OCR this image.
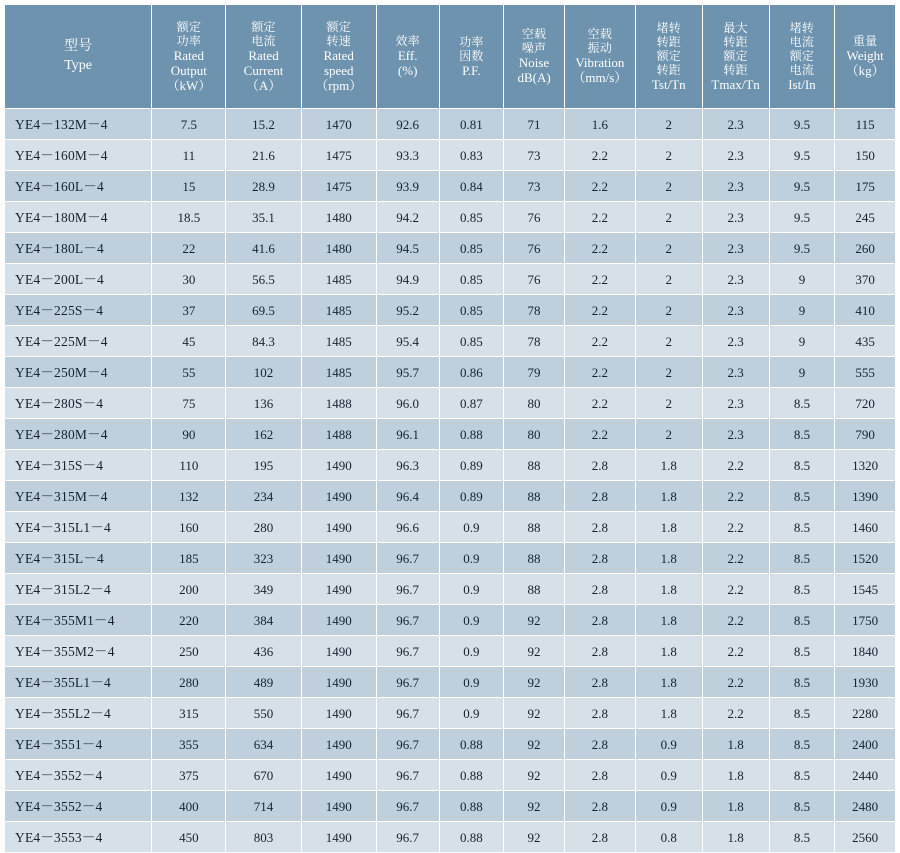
型号
Type	额定
功率
Rated
Output
（kW）	额定
电流
Rated
Current
（A）	额定
转速
Rated
speed
（rpm）	效率
Eff.
(%)	功率
因数
P.F.	空载
噪声
Noise
dB(A)	空载
振动
Vibration
（mm/s）	堵转
转距
额定
转距
Tst/Tn	最大
转距
额定
转距
Tmax/Tn	堵转
电流
额定
电流
Ist/In	重量
Weight
（kg）

YE4－132M－4	7.5	15.2	1470	92.6	0.81	71	1.6	2	2.3	9.5	115
YE4－160M－4	11	21.6	1475	93.3	0.83	73	2.2	2	2.3	9.5	150
YE4－160L－4	15	28.9	1475	93.9	0.84	73	2.2	2	2.3	9.5	175
YE4－180M－4	18.5	35.1	1480	94.2	0.85	76	2.2	2	2.3	9.5	245
YE4－180L－4	22	41.6	1480	94.5	0.85	76	2.2	2	2.3	9.5	260
YE4－200L－4	30	56.5	1485	94.9	0.85	76	2.2	2	2.3	9	370
YE4－225S－4	37	69.5	1485	95.2	0.85	78	2.2	2	2.3	9	410
YE4－225M－4	45	84.3	1485	95.4	0.85	78	2.2	2	2.3	9	435
YE4－250M－4	55	102	1485	95.7	0.86	79	2.2	2	2.3	9	555
YE4－280S－4	75	136	1488	96.0	0.87	80	2.2	2	2.3	8.5	720
YE4－280M－4	90	162	1488	96.1	0.88	80	2.2	2	2.3	8.5	790
YE4－315S－4	110	195	1490	96.3	0.89	88	2.8	1.8	2.2	8.5	1320
YE4－315M－4	132	234	1490	96.4	0.89	88	2.8	1.8	2.2	8.5	1390
YE4－315L1－4	160	280	1490	96.6	0.9	88	2.8	1.8	2.2	8.5	1460
YE4－315L－4	185	323	1490	96.7	0.9	88	2.8	1.8	2.2	8.5	1520
YE4－315L2－4	200	349	1490	96.7	0.9	88	2.8	1.8	2.2	8.5	1545
YE4－355M1－4	220	384	1490	96.7	0.9	92	2.8	1.8	2.2	8.5	1750
YE4－355M2－4	250	436	1490	96.7	0.9	92	2.8	1.8	2.2	8.5	1840
YE4－355L1－4	280	489	1490	96.7	0.9	92	2.8	1.8	2.2	8.5	1930
YE4－355L2－4	315	550	1490	96.7	0.9	92	2.8	1.8	2.2	8.5	2280
YE4－3551－4	355	634	1490	96.7	0.88	92	2.8	0.9	1.8	8.5	2400
YE4－3552－4	375	670	1490	96.7	0.88	92	2.8	0.9	1.8	8.5	2440
YE4－3552－4	400	714	1490	96.7	0.88	92	2.8	0.9	1.8	8.5	2480
YE4－3553－4	450	803	1490	96.7	0.88	92	2.8	0.8	1.8	8.5	2560
